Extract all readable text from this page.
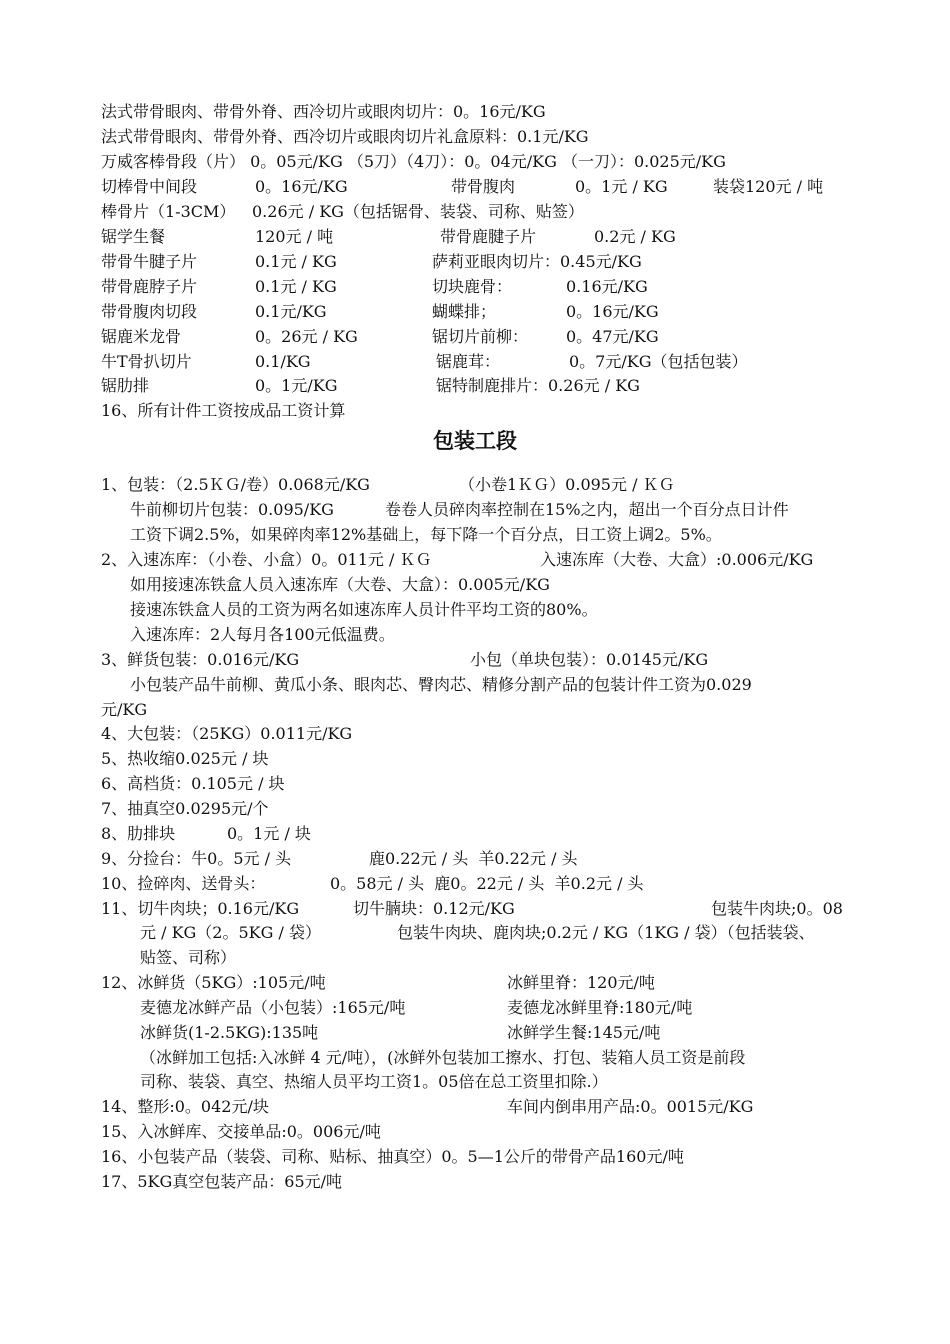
法式带骨眼肉、带骨外脊、西冷切片或眼肉切片：0。16元/KG
法式带骨眼肉、带骨外脊、西冷切片或眼肉切片礼盒原料：0.1元/KG
万威客棒骨段（片） 0。05元/KG （5刀）（4刀）：0。04元/KG （一刀）：0.025元/KG
切棒骨中间段	0。16元/KG	带骨腹肉	0。1元 / KG	装袋120元 / 吨
棒骨片（1-3CM） 0.26元 / KG（包括锯骨、装袋、司称、贴签）
锯学生餐	120元 / 吨	带骨鹿腱子片	0.2元 / KG
带骨牛腱子片	0.1元 / KG	萨莉亚眼肉切片：0.45元/KG
带骨鹿脖子片	0.1元 / KG	切块鹿骨：	0.16元/KG
带骨腹肉切段	0.1元/KG	蝴蝶排；	0。16元/KG
锯鹿米龙骨	0。26元 / KG	锯切片前柳： 0。47元/KG
牛T骨扒切片	0.1/KG	锯鹿茸：	0。7元/KG（包括包装）
锯肋排	0。1元/KG	锯特制鹿排片：0.26元 / KG
16、所有计件工资按成品工资计算
包装工段
1、包装：（2.5ＫＧ/卷）0.068元/KG	（小卷1ＫＧ）0.095元 / ＫＧ
牛前柳切片包装：0.095/KG	卷卷人员碎肉率控制在15%之内，超出一个百分点日计件
工资下调2.5%，如果碎肉率12%基础上，每下降一个百分点，日工资上调2。5%。
2、入速冻库：（小卷、小盒）0。011元 / ＫＧ	入速冻库（大卷、大盒）:0.006元/KG
如用接速冻铁盒人员入速冻库（大卷、大盒）：0.005元/KG
接速冻铁盒人员的工资为两名如速冻库人员计件平均工资的80%。
入速冻库：2人每月各100元低温费。
3、鲜货包装：0.016元/KG	小包（单块包装）：0.0145元/KG
小包装产品牛前柳、黄瓜小条、眼肉芯、臀肉芯、精修分割产品的包装计件工资为0.029
元/KG
4、大包装：（25KG）0.011元/KG
5、热收缩0.025元 / 块
6、高档货：0.105元 / 块
7、抽真空0.0295元/个
8、肋排块	0。1元 / 块
9、分捡台：牛0。5元 / 头	鹿0.22元 / 头  羊0.22元 / 头
10、捡碎肉、送骨头：	0。58元 / 头  鹿0。22元 / 头  羊0.2元 / 头
11、切牛肉块；0.16元/KG	切牛腩块：0.12元/KG	包装牛肉块;0。08
元 / KG（2。5KG / 袋）	包装牛肉块、鹿肉块;0.2元 / KG（1KG / 袋）（包括装袋、
贴签、司称）
12、冰鲜货（5KG）:105元/吨	冰鲜里脊：120元/吨
麦德龙冰鲜产品（小包装）:165元/吨	麦德龙冰鲜里脊:180元/吨
冰鲜货(1-2.5KG):135吨	冰鲜学生餐:145元/吨
（冰鲜加工包括:入冰鲜 4 元/吨），(冰鲜外包装加工擦水、打包、装箱人员工资是前段
司称、装袋、真空、热缩人员平均工资1。05倍在总工资里扣除.）
14、整形:0。042元/块	车间内倒串用产品:0。0015元/KG
15、入冰鲜库、交接单品:0。006元/吨
16、小包装产品（装袋、司称、贴标、抽真空）0。5—1公斤的带骨产品160元/吨
17、5KG真空包装产品：65元/吨
